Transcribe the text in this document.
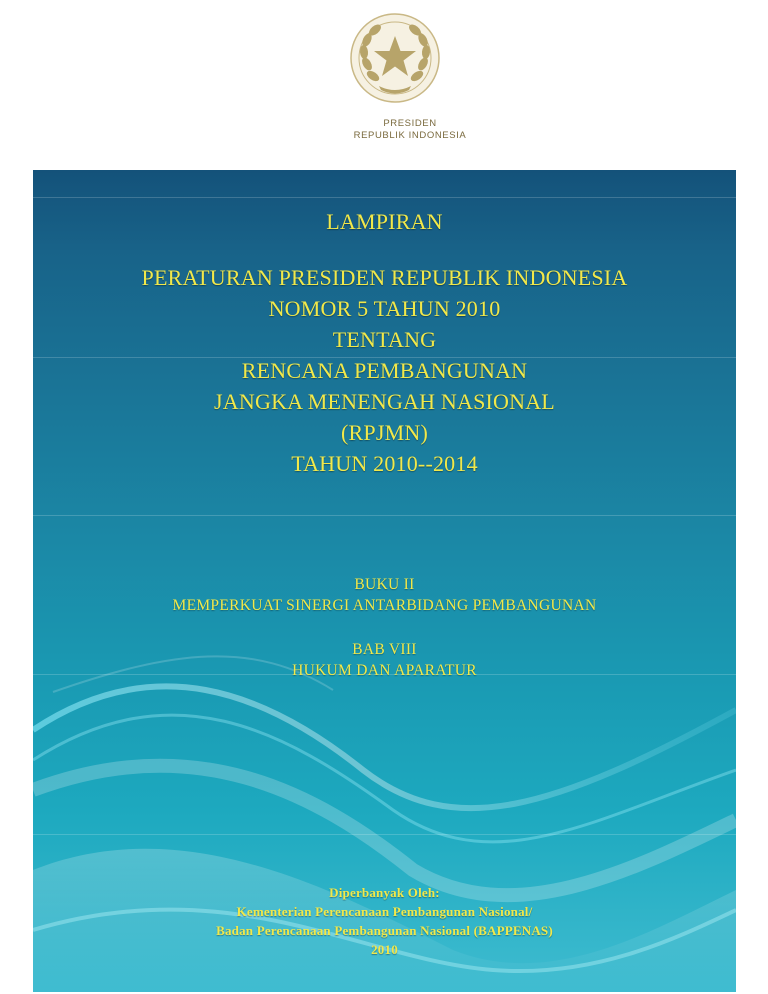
PRESIDEN
REPUBLIK INDONESIA
LAMPIRAN
PERATURAN PRESIDEN REPUBLIK INDONESIA
NOMOR 5 TAHUN 2010
TENTANG
RENCANA PEMBANGUNAN
JANGKA MENENGAH NASIONAL
(RPJMN)
TAHUN 2010--2014
BUKU II
MEMPERKUAT SINERGI ANTARBIDANG PEMBANGUNAN
BAB VIII
HUKUM DAN APARATUR
Diperbanyak Oleh:
Kementerian Perencanaan Pembangunan Nasional/
Badan Perencanaan Pembangunan Nasional (BAPPENAS)
2010
